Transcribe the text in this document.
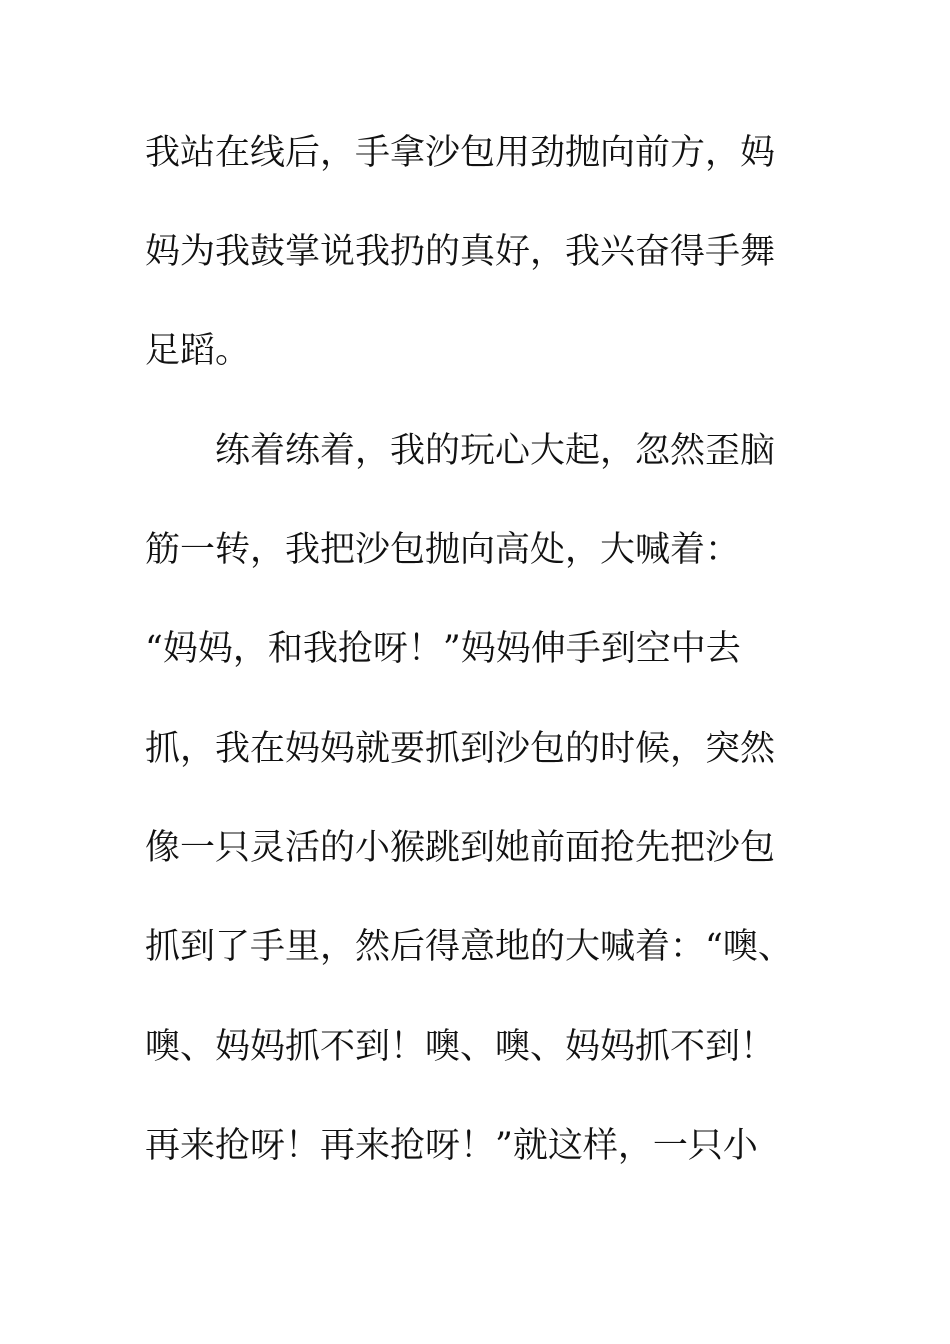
我站在线后，手拿沙包用劲抛向前方，妈
妈为我鼓掌说我扔的真好，我兴奋得手舞
足蹈。
练着练着，我的玩心大起，忽然歪脑
筋一转，我把沙包抛向高处，大喊着：
“妈妈，和我抢呀！”妈妈伸手到空中去
抓，我在妈妈就要抓到沙包的时候，突然
像一只灵活的小猴跳到她前面抢先把沙包
抓到了手里，然后得意地的大喊着：“噢、
噢、妈妈抓不到！噢、噢、妈妈抓不到！
再来抢呀！再来抢呀！”就这样，一只小
